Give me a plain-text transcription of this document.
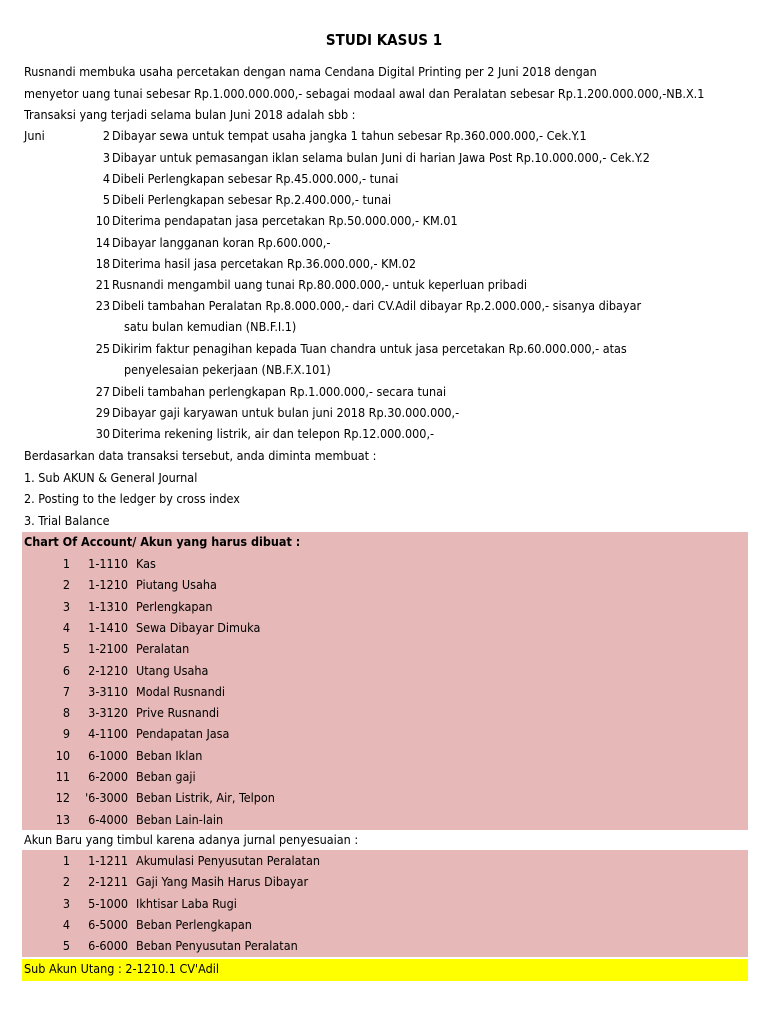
STUDI KASUS 1
Rusnandi membuka usaha percetakan dengan nama Cendana Digital Printing per 2 Juni 2018 dengan
menyetor uang tunai sebesar Rp.1.000.000.000,- sebagai modaal awal dan Peralatan sebesar Rp.1.200.000.000,-NB.X.1
Transaksi yang terjadi selama bulan Juni 2018 adalah sbb :
Juni	2 Dibayar sewa untuk tempat usaha jangka 1 tahun sebesar Rp.360.000.000,- Cek.Y.1
3 Dibayar untuk pemasangan iklan selama bulan Juni di harian Jawa Post Rp.10.000.000,- Cek.Y.2
4 Dibeli Perlengkapan sebesar Rp.45.000.000,- tunai
5 Dibeli Perlengkapan sebesar Rp.2.400.000,- tunai
10 Diterima pendapatan jasa percetakan Rp.50.000.000,- KM.01
14 Dibayar langganan koran Rp.600.000,-
18 Diterima hasil jasa percetakan Rp.36.000.000,- KM.02
21 Rusnandi mengambil uang tunai Rp.80.000.000,- untuk keperluan pribadi
23 Dibeli tambahan Peralatan Rp.8.000.000,- dari CV.Adil dibayar Rp.2.000.000,- sisanya dibayar
satu bulan kemudian (NB.F.I.1)
25 Dikirim faktur penagihan kepada Tuan chandra untuk jasa percetakan Rp.60.000.000,- atas
penyelesaian pekerjaan (NB.F.X.101)
27 Dibeli tambahan perlengkapan Rp.1.000.000,- secara tunai
29 Dibayar gaji karyawan untuk bulan juni 2018 Rp.30.000.000,-
30 Diterima rekening listrik, air dan telepon Rp.12.000.000,-
Berdasarkan data transaksi tersebut, anda diminta membuat :
1. Sub AKUN & General Journal
2. Posting to the ledger by cross index
3. Trial Balance
Chart Of Account/ Akun yang harus dibuat :
1	1-1110 Kas
2	1-1210 Piutang Usaha
3	1-1310 Perlengkapan
4	1-1410 Sewa Dibayar Dimuka
5	1-2100 Peralatan
6	2-1210 Utang Usaha
7	3-3110 Modal Rusnandi
8	3-3120 Prive Rusnandi
9	4-1100 Pendapatan Jasa
10	6-1000 Beban Iklan
11	6-2000 Beban gaji
12	'6-3000 Beban Listrik, Air, Telpon
13	6-4000 Beban Lain-lain
Akun Baru yang timbul karena adanya jurnal penyesuaian :
1	1-1211 Akumulasi Penyusutan Peralatan
2	2-1211 Gaji Yang Masih Harus Dibayar
3	5-1000 Ikhtisar Laba Rugi
4	6-5000 Beban Perlengkapan
5	6-6000 Beban Penyusutan Peralatan
Sub Akun Utang : 2-1210.1 CV'Adil
